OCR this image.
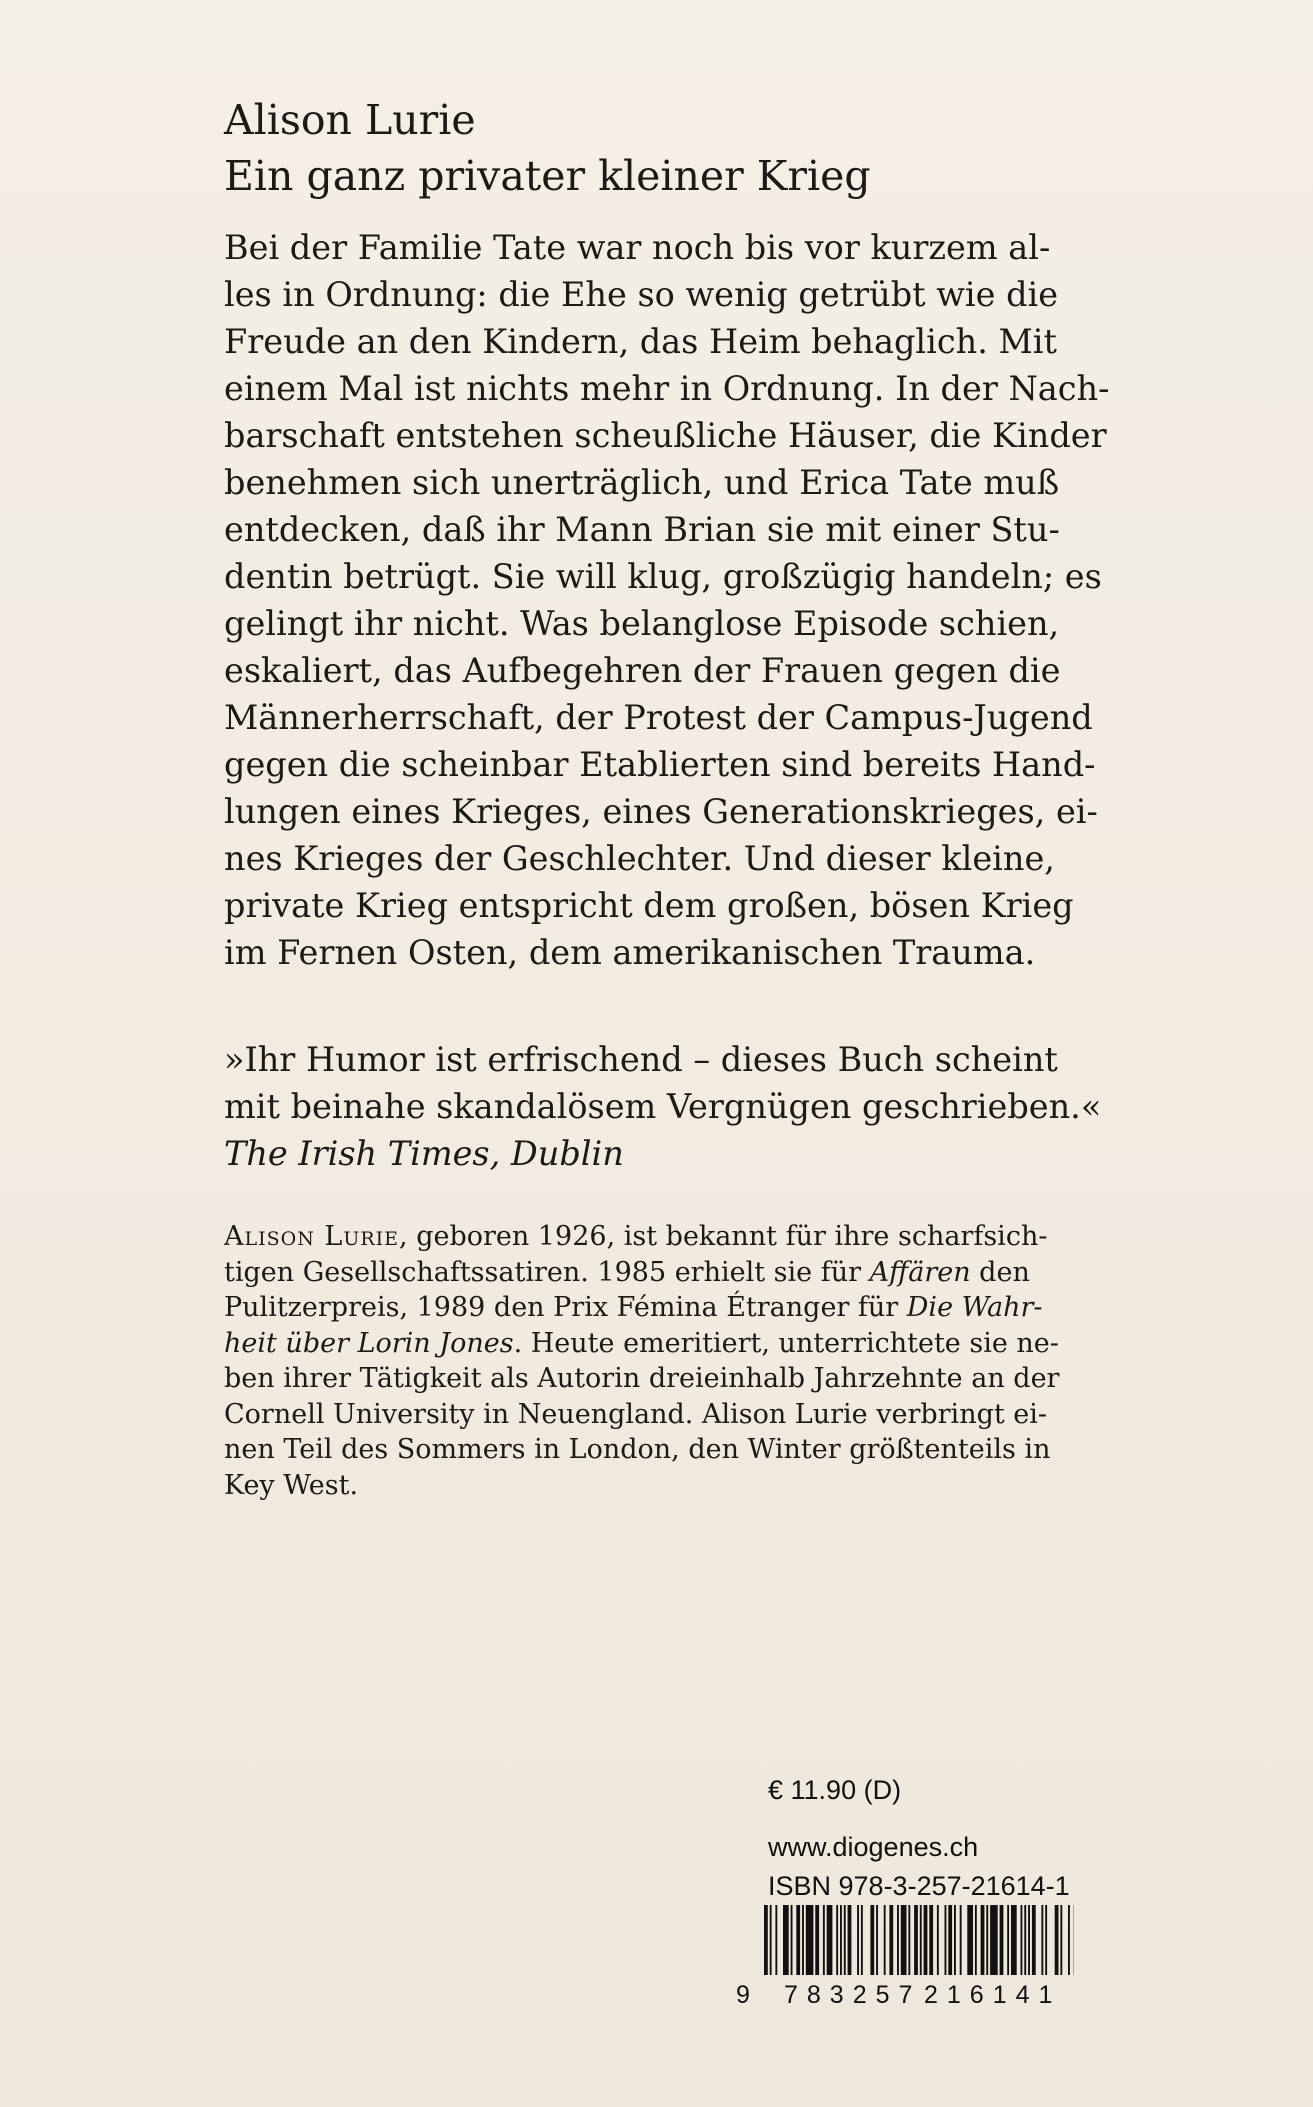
Alison Lurie
Ein ganz privater kleiner Krieg
Bei der Familie Tate war noch bis vor kurzem al-
les in Ordnung: die Ehe so wenig getrübt wie die
Freude an den Kindern, das Heim behaglich. Mit
einem Mal ist nichts mehr in Ordnung. In der Nach-
barschaft entstehen scheußliche Häuser, die Kinder
benehmen sich unerträglich, und Erica Tate muß
entdecken, daß ihr Mann Brian sie mit einer Stu-
dentin betrügt. Sie will klug, großzügig handeln; es
gelingt ihr nicht. Was belanglose Episode schien,
eskaliert, das Aufbegehren der Frauen gegen die
Männerherrschaft, der Protest der Campus-Jugend
gegen die scheinbar Etablierten sind bereits Hand-
lungen eines Krieges, eines Generationskrieges, ei-
nes Krieges der Geschlechter. Und dieser kleine,
private Krieg entspricht dem großen, bösen Krieg
im Fernen Osten, dem amerikanischen Trauma.
»Ihr Humor ist erfrischend – dieses Buch scheint
mit beinahe skandalösem Vergnügen geschrieben.«
The Irish Times, Dublin
Alison Lurie, geboren 1926, ist bekannt für ihre scharfsich-
tigen Gesellschaftssatiren. 1985 erhielt sie für Affären den
Pulitzerpreis, 1989 den Prix Fémina Étranger für Die Wahr-
heit über Lorin Jones. Heute emeritiert, unterrichtete sie ne-
ben ihrer Tätigkeit als Autorin dreieinhalb Jahrzehnte an der
Cornell University in Neuengland. Alison Lurie verbringt ei-
nen Teil des Sommers in London, den Winter größtenteils in
Key West.
€ 11.90 (D)
www.diogenes.ch
ISBN 978-3-257-21614-1
9 783257 216141
